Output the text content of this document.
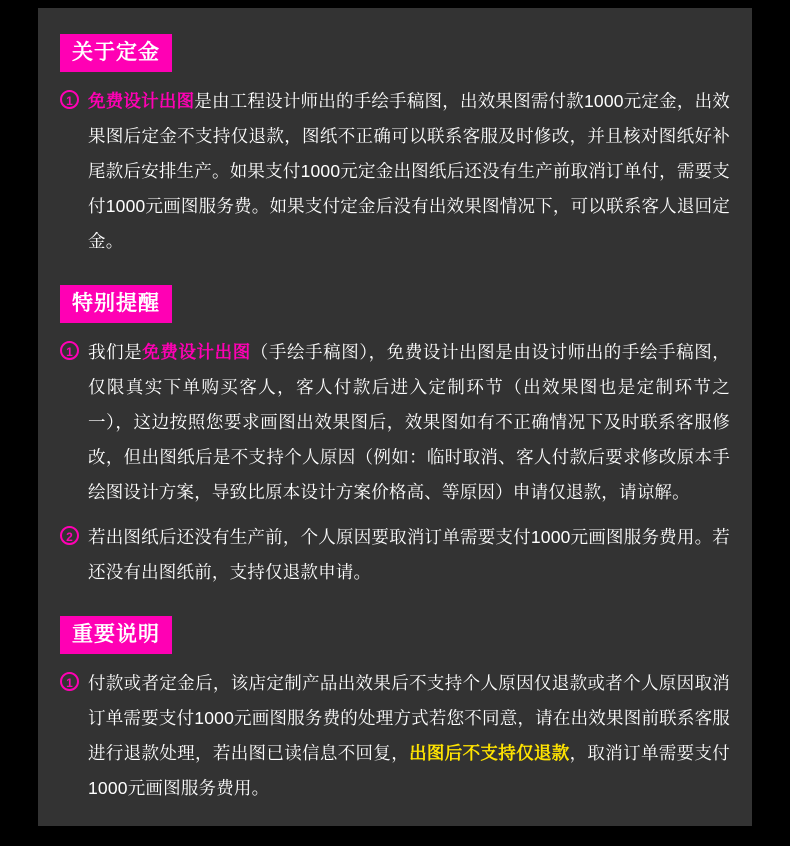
关于定金
1 免费设计出图是由工程设计师出的手绘手稿图，出效果图需付款1000元定金，出效果图后定金不支持仅退款，图纸不正确可以联系客服及时修改，并且核对图纸好补尾款后安排生产。如果支付1000元定金出图纸后还没有生产前取消订单付，需要支付1000元画图服务费。如果支付定金后没有出效果图情况下，可以联系客人退回定金。
特别提醒
1 我们是免费设计出图（手绘手稿图），免费设计出图是由设讨师出的手绘手稿图，仅限真实下单购买客人，客人付款后进入定制环节（出效果图也是定制环节之一），这边按照您要求画图出效果图后，效果图如有不正确情况下及时联系客服修改，但出图纸后是不支持个人原因（例如：临时取消、客人付款后要求修改原本手绘图设计方案，导致比原本设计方案价格高、等原因）申请仅退款，请谅解。
2 若出图纸后还没有生产前，个人原因要取消订单需要支付1000元画图服务费用。若还没有出图纸前，支持仅退款申请。
重要说明
1 付款或者定金后，该店定制产品出效果后不支持个人原因仅退款或者个人原因取消订单需要支付1000元画图服务费的处理方式若您不同意，请在出效果图前联系客服进行退款处理，若出图已读信息不回复，出图后不支持仅退款，取消订单需要支付1000元画图服务费用。
